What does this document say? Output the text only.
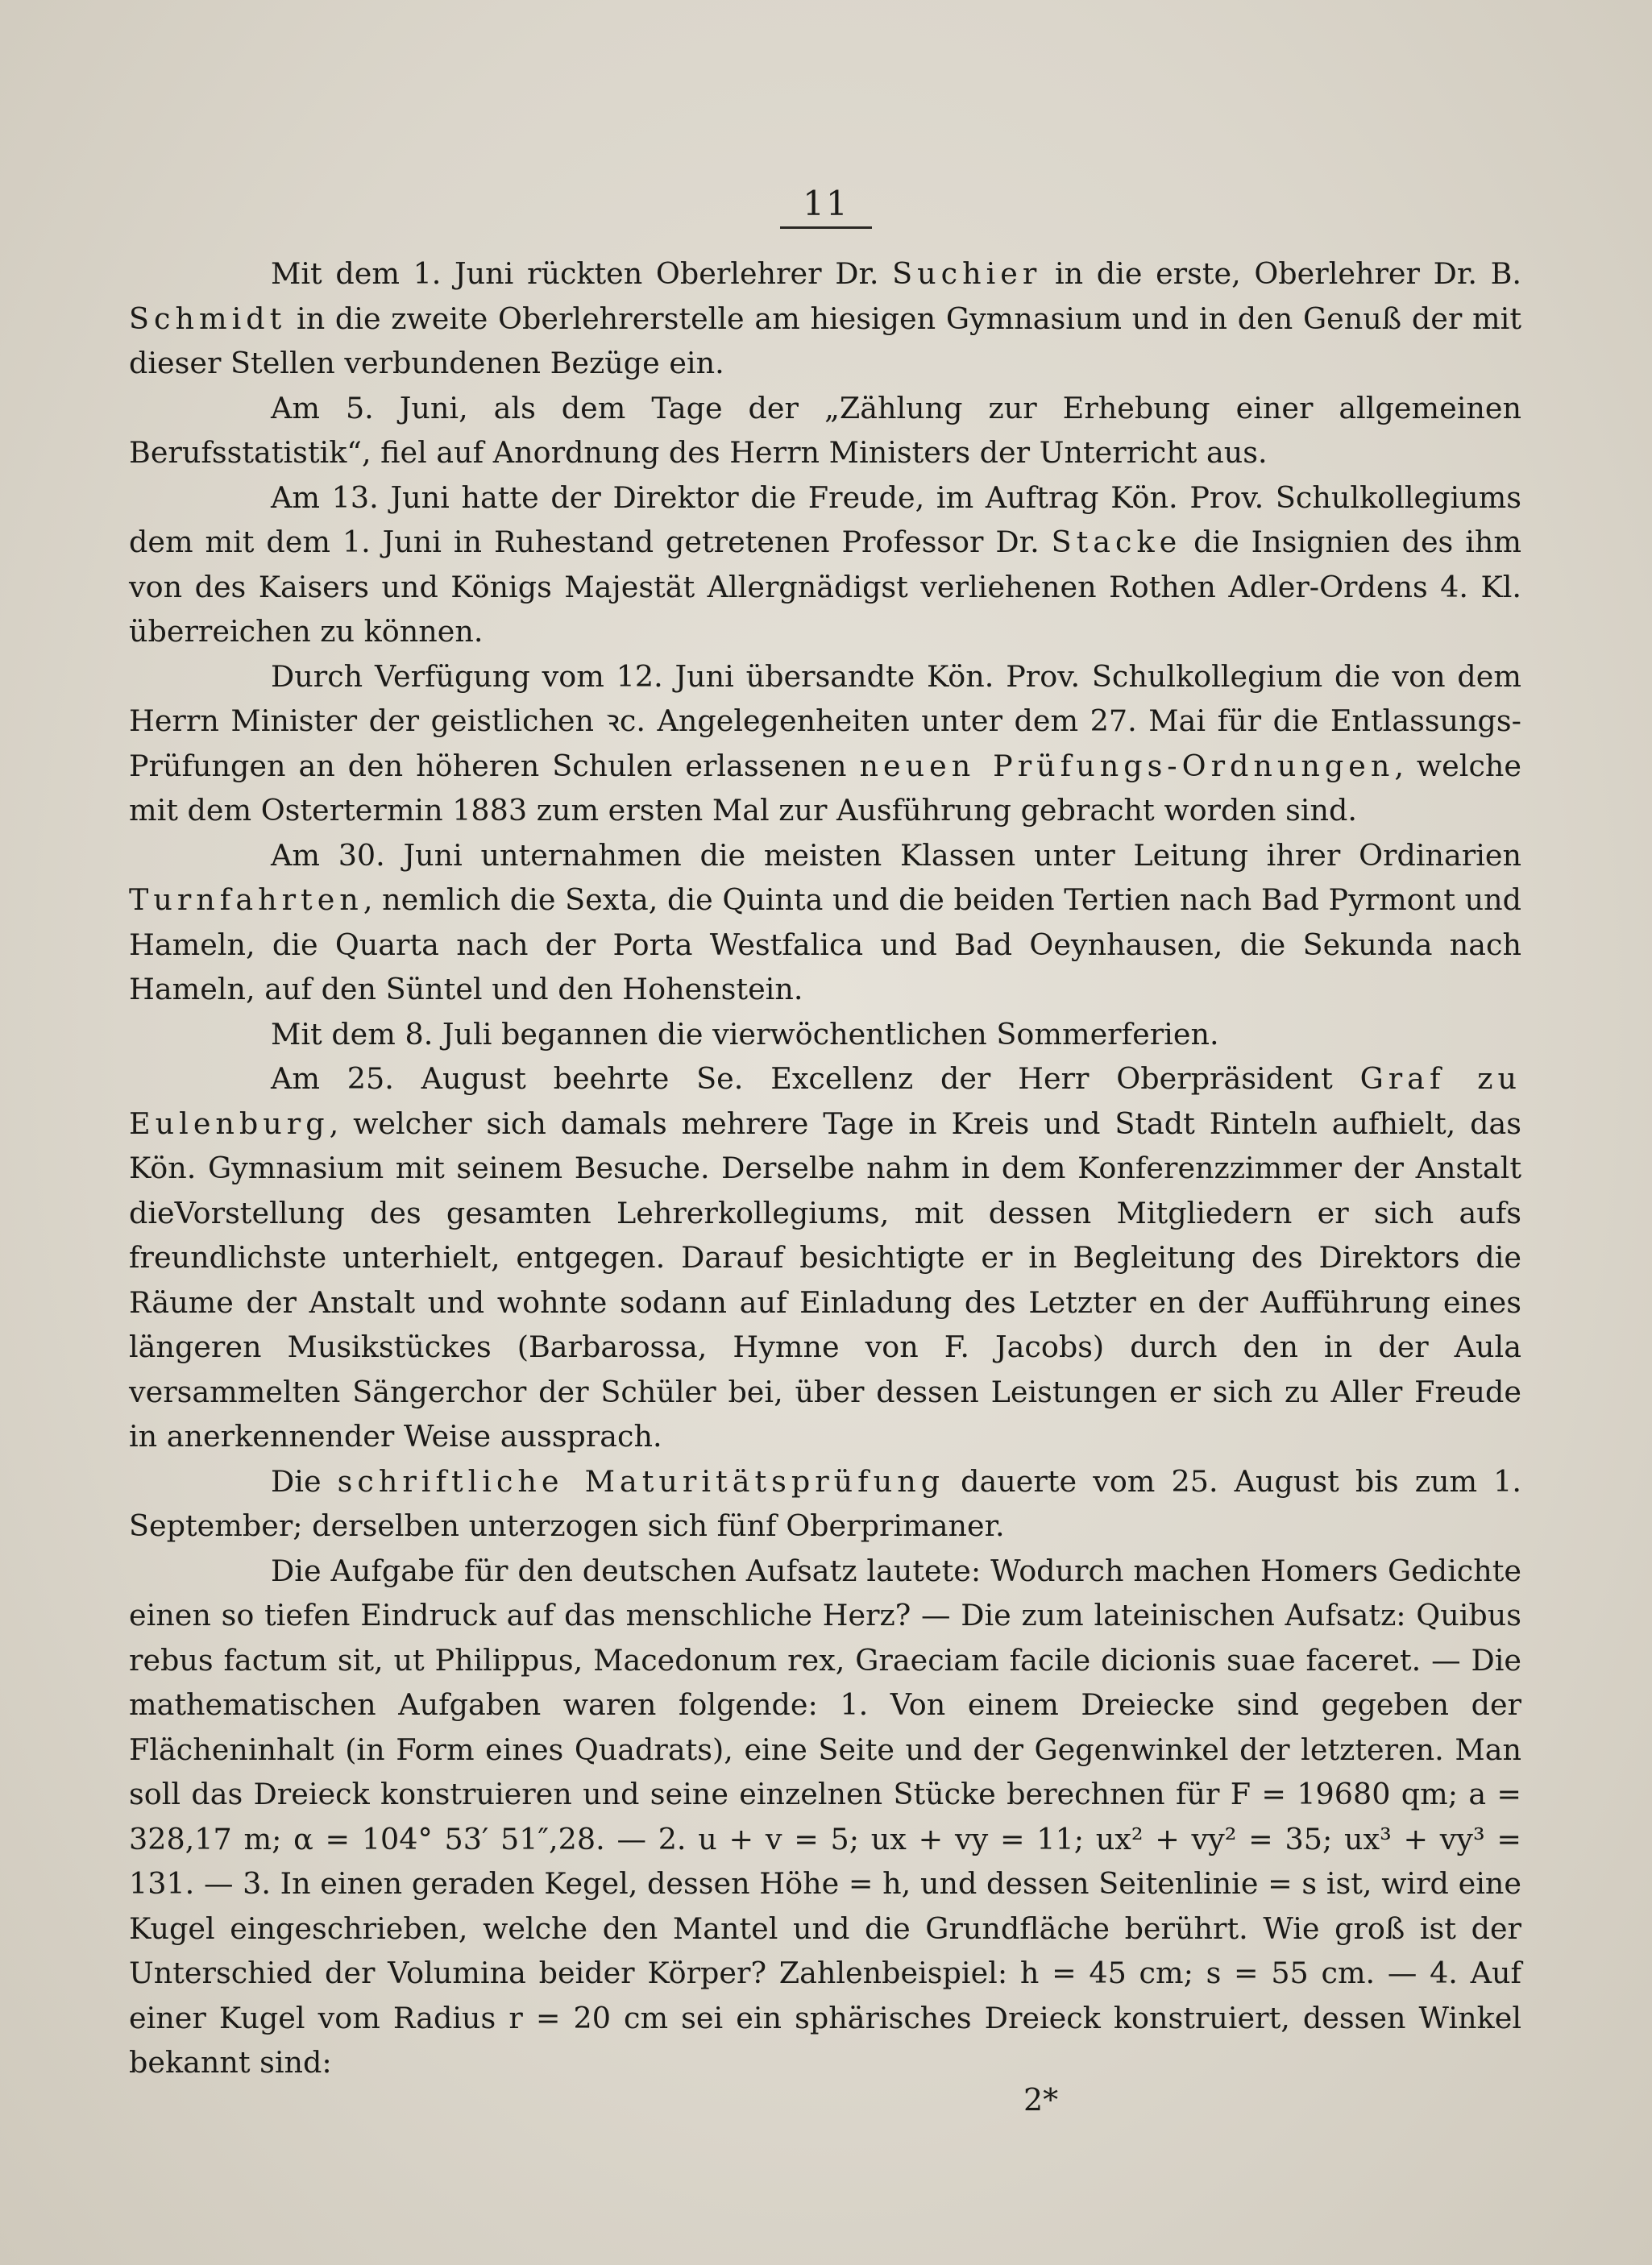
11

Mit dem 1. Juni rückten Oberlehrer Dr. Suchier in die erste, Oberlehrer Dr. B. Schmidt in die zweite Oberlehrerstelle am hiesigen Gymnasium und in den Genuß der mit dieser Stellen verbundenen Bezüge ein.

Am 5. Juni, als dem Tage der „Zählung zur Erhebung einer allgemeinen Berufsstatistik“, fiel auf Anordnung des Herrn Ministers der Unterricht aus.

Am 13. Juni hatte der Direktor die Freude, im Auftrag Kön. Prov. Schulkollegiums dem mit dem 1. Juni in Ruhestand getretenen Professor Dr. Stacke die Insignien des ihm von des Kaisers und Königs Majestät Allergnädigst verliehenen Rothen Adler-Ordens 4. Kl. überreichen zu können.

Durch Verfügung vom 12. Juni übersandte Kön. Prov. Schulkollegium die von dem Herrn Minister der geistlichen ꝛc. Angelegenheiten unter dem 27. Mai für die Entlassungs-Prüfungen an den höheren Schulen erlassenen neuen Prüfungs-Ordnungen, welche mit dem Ostertermin 1883 zum ersten Mal zur Ausführung gebracht worden sind.

Am 30. Juni unternahmen die meisten Klassen unter Leitung ihrer Ordinarien Turnfahrten, nemlich die Sexta, die Quinta und die beiden Tertien nach Bad Pyrmont und Hameln, die Quarta nach der Porta Westfalica und Bad Oeynhausen, die Sekunda nach Hameln, auf den Süntel und den Hohenstein.

Mit dem 8. Juli begannen die vierwöchentlichen Sommerferien.

Am 25. August beehrte Se. Excellenz der Herr Oberpräsident Graf zu Eulenburg, welcher sich damals mehrere Tage in Kreis und Stadt Rinteln aufhielt, das Kön. Gymnasium mit seinem Besuche. Derselbe nahm in dem Konferenzzimmer der Anstalt dieVorstellung des gesamten Lehrerkollegiums, mit dessen Mitgliedern er sich aufs freundlichste unterhielt, entgegen. Darauf besichtigte er in Begleitung des Direktors die Räume der Anstalt und wohnte sodann auf Einladung des Letzter en der Aufführung eines längeren Musikstückes (Barbarossa, Hymne von F. Jacobs) durch den in der Aula versammelten Sängerchor der Schüler bei, über dessen Leistungen er sich zu Aller Freude in anerkennender Weise aussprach.

Die schriftliche Maturitätsprüfung dauerte vom 25. August bis zum 1. September; derselben unterzogen sich fünf Oberprimaner.

Die Aufgabe für den deutschen Aufsatz lautete: Wodurch machen Homers Gedichte einen so tiefen Eindruck auf das menschliche Herz? — Die zum lateinischen Aufsatz: Quibus rebus factum sit, ut Philippus, Macedonum rex, Graeciam facile dicionis suae faceret. — Die mathematischen Aufgaben waren folgende: 1. Von einem Dreiecke sind gegeben der Flächeninhalt (in Form eines Quadrats), eine Seite und der Gegenwinkel der letzteren. Man soll das Dreieck konstruieren und seine einzelnen Stücke berechnen für F = 19680 qm; a = 328,17 m; α = 104° 53′ 51″,28. — 2. u + v = 5; ux + vy = 11; ux² + vy² = 35; ux³ + vy³ = 131. — 3. In einen geraden Kegel, dessen Höhe = h, und dessen Seitenlinie = s ist, wird eine Kugel eingeschrieben, welche den Mantel und die Grundfläche berührt. Wie groß ist der Unterschied der Volumina beider Körper? Zahlenbeispiel: h = 45 cm; s = 55 cm. — 4. Auf einer Kugel vom Radius r = 20 cm sei ein sphärisches Dreieck konstruiert, dessen Winkel bekannt sind:

2*
